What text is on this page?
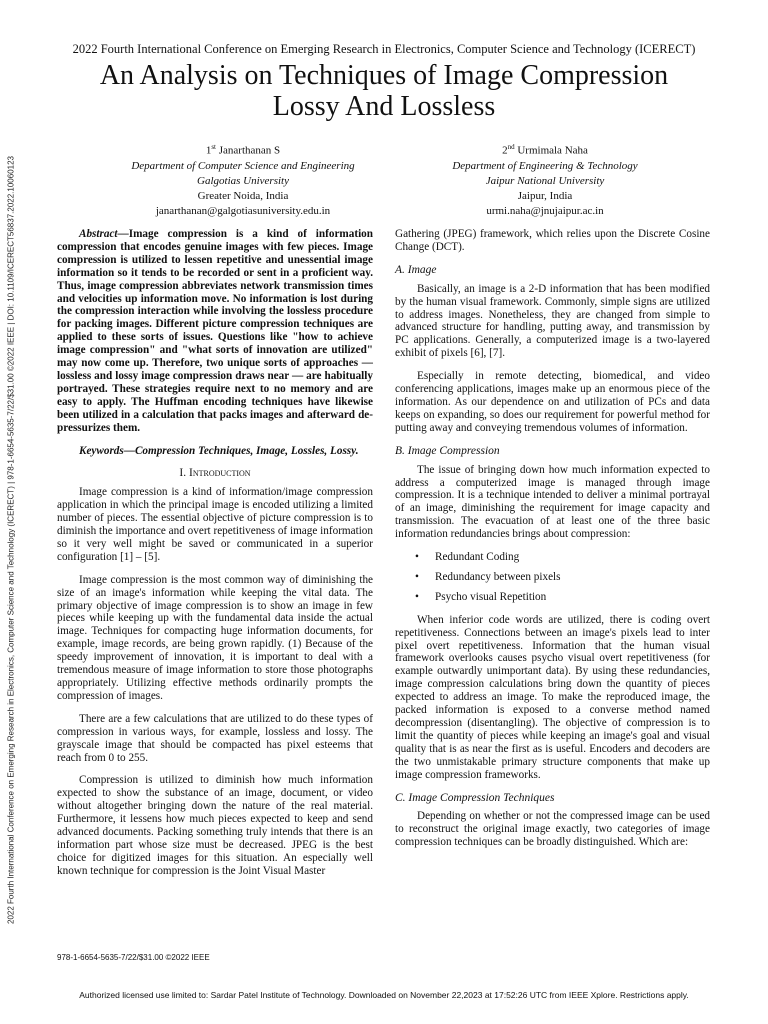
2022 Fourth International Conference on Emerging Research in Electronics, Computer Science and Technology (ICERECT) | 978-1-6654-5635-7/22/$31.00 ©2022 IEEE | DOI: 10.1109/ICERECT56837.2022.10060123
2022 Fourth International Conference on Emerging Research in Electronics, Computer Science and Technology (ICERECT)
An Analysis on Techniques of Image Compression
Lossy And Lossless
1st Janarthanan S
Department of Computer Science and Engineering
Galgotias University
Greater Noida, India
janarthanan@galgotiasuniversity.edu.in
2nd Urmimala Naha
Department of Engineering & Technology
Jaipur National University
Jaipur, India
urmi.naha@jnujaipur.ac.in

Abstract—Image compression is a kind of information compression that encodes genuine images with few pieces. Image compression is utilized to lessen repetitive and unessential image information so it tends to be recorded or sent in a proficient way. Thus, image compression abbreviates network transmission times and velocities up information move. No information is lost during the compression interaction while involving the lossless procedure for packing images. Different picture compression techniques are applied to these sorts of issues. Questions like "how to achieve image compression" and "what sorts of innovation are utilized" may now come up. Therefore, two unique sorts of approaches — lossless and lossy image compression draws near — are habitually portrayed. These strategies require next to no memory and are easy to apply. The Huffman encoding techniques have likewise been utilized in a calculation that packs images and afterward de-pressurizes them.

Keywords—Compression Techniques, Image, Lossles, Lossy.

I. Introduction

Image compression is a kind of information/image compression application in which the principal image is encoded utilizing a limited number of pieces. The essential objective of picture compression is to diminish the importance and overt repetitiveness of image information so it very well might be saved or communicated in a superior configuration [1] – [5].

Image compression is the most common way of diminishing the size of an image's information while keeping the vital data. The primary objective of image compression is to show an image in few pieces while keeping up with the fundamental data inside the actual image. Techniques for compacting huge information documents, for example, image records, are being grown rapidly. (1) Because of the speedy improvement of innovation, it is important to deal with a tremendous measure of image information to store those photographs appropriately. Utilizing effective methods ordinarily prompts the compression of images.

There are a few calculations that are utilized to do these types of compression in various ways, for example, lossless and lossy. The grayscale image that should be compacted has pixel esteems that reach from 0 to 255.

Compression is utilized to diminish how much information expected to show the substance of an image, document, or video without altogether bringing down the nature of the real material. Furthermore, it lessens how much pieces expected to keep and send advanced documents. Packing something truly intends that there is an information part whose size must be decreased. JPEG is the best choice for digitized images for this situation. An especially well known technique for compression is the Joint Visual Master

Gathering (JPEG) framework, which relies upon the Discrete Cosine Change (DCT).

A. Image

Basically, an image is a 2-D information that has been modified by the human visual framework. Commonly, simple signs are utilized to address images. Nonetheless, they are changed from simple to advanced structure for handling, putting away, and transmission by PC applications. Generally, a computerized image is a two-layered exhibit of pixels [6], [7].

Especially in remote detecting, biomedical, and video conferencing applications, images make up an enormous piece of the information. As our dependence on and utilization of PCs and data keeps on expanding, so does our requirement for powerful method for putting away and conveying tremendous volumes of information.

B. Image Compression

The issue of bringing down how much information expected to address a computerized image is managed through image compression. It is a technique intended to deliver a minimal portrayal of an image, diminishing the requirement for image capacity and transmission. The evacuation of at least one of the three basic information redundancies brings about compression:

• Redundant Coding
• Redundancy between pixels
• Psycho visual Repetition

When inferior code words are utilized, there is coding overt repetitiveness. Connections between an image's pixels lead to inter pixel overt repetitiveness. Information that the human visual framework overlooks causes psycho visual overt repetitiveness (for example outwardly unimportant data). By using these redundancies, image compression calculations bring down the quantity of pieces expected to address an image. To make the reproduced image, the packed information is exposed to a converse method named decompression (disentangling). The objective of compression is to limit the quantity of pieces while keeping an image's goal and visual quality that is as near the first as is useful. Encoders and decoders are the two unmistakable primary structure components that make up image compression frameworks.

C. Image Compression Techniques

Depending on whether or not the compressed image can be used to reconstruct the original image exactly, two categories of image compression techniques can be broadly distinguished. Which are:

978-1-6654-5635-7/22/$31.00 ©2022 IEEE
Authorized licensed use limited to: Sardar Patel Institute of Technology. Downloaded on November 22,2023 at 17:52:26 UTC from IEEE Xplore. Restrictions apply.
